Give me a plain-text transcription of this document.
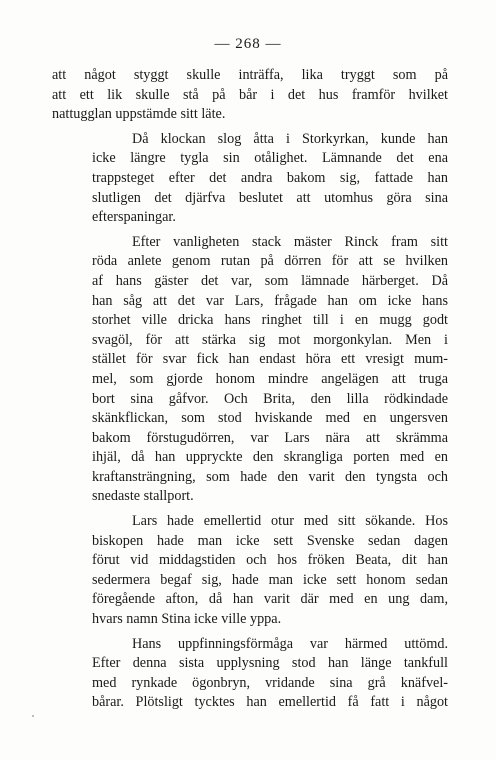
— 268 —
att något styggt skulle inträffa, lika tryggt som på
att ett lik skulle stå på bår i det hus framför hvilket
nattugglan uppstämde sitt läte.
Då klockan slog åtta i Storkyrkan, kunde han
icke längre tygla sin otålighet. Lämnande det ena
trappsteget efter det andra bakom sig, fattade han
slutligen det djärfva beslutet att utomhus göra sina
efterspaningar.
Efter vanligheten stack mäster Rinck fram sitt
röda anlete genom rutan på dörren för att se hvilken
af hans gäster det var, som lämnade härberget. Då
han såg att det var Lars, frågade han om icke hans
storhet ville dricka hans ringhet till i en mugg godt
svagöl, för att stärka sig mot morgonkylan. Men i
stället för svar fick han endast höra ett vresigt mum-
mel, som gjorde honom mindre angelägen att truga
bort sina gåfvor. Och Brita, den lilla rödkindade
skänkflickan, som stod hviskande med en ungersven
bakom förstugudörren, var Lars nära att skrämma
ihjäl, då han uppryckte den skrangliga porten med en
kraftansträngning, som hade den varit den tyngsta och
snedaste stallport.
Lars hade emellertid otur med sitt sökande. Hos
biskopen hade man icke sett Svenske sedan dagen
förut vid middagstiden och hos fröken Beata, dit han
sedermera begaf sig, hade man icke sett honom sedan
föregående afton, då han varit där med en ung dam,
hvars namn Stina icke ville yppa.
Hans uppfinningsförmåga var härmed uttömd.
Efter denna sista upplysning stod han länge tankfull
med rynkade ögonbryn, vridande sina grå knäfvel-
bårar. Plötsligt tycktes han emellertid få fatt i något
